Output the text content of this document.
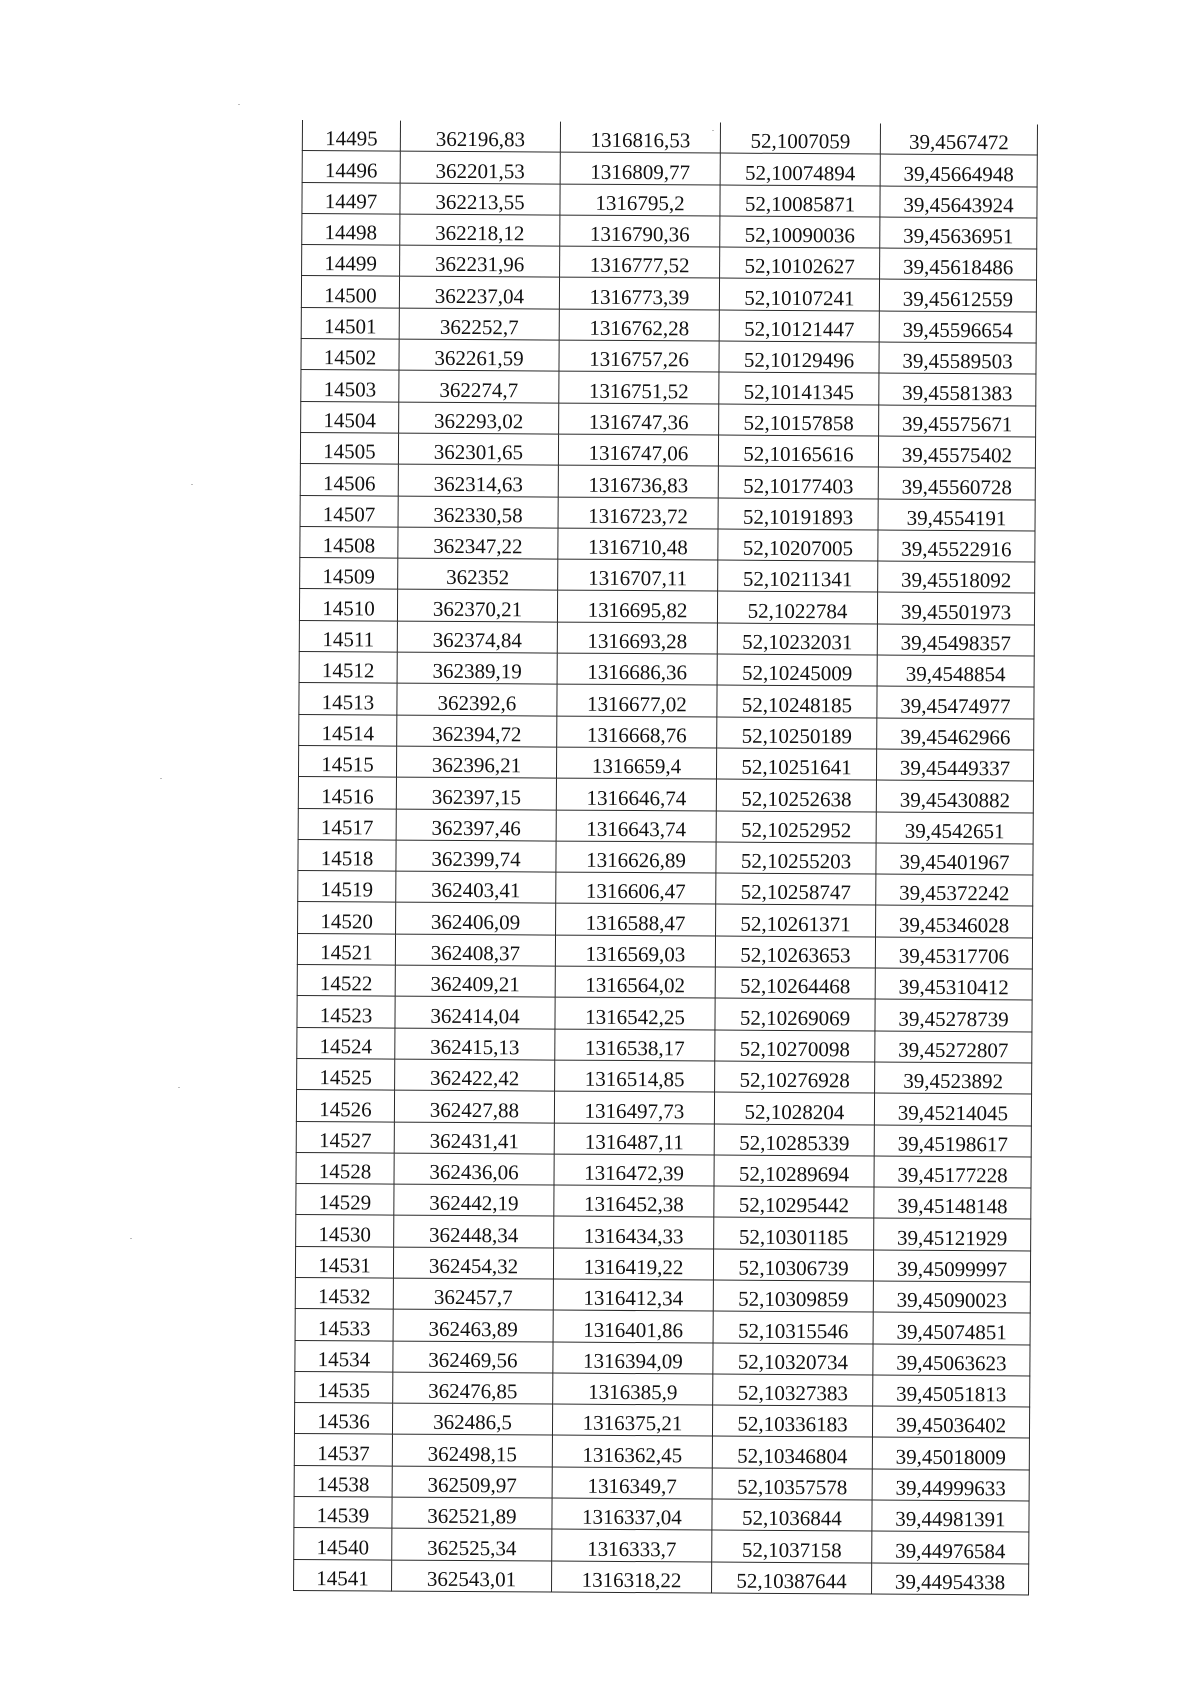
14495	362196,83	1316816,53	52,1007059	39,4567472
14496	362201,53	1316809,77	52,10074894	39,45664948
14497	362213,55	1316795,2	52,10085871	39,45643924
14498	362218,12	1316790,36	52,10090036	39,45636951
14499	362231,96	1316777,52	52,10102627	39,45618486
14500	362237,04	1316773,39	52,10107241	39,45612559
14501	362252,7	1316762,28	52,10121447	39,45596654
14502	362261,59	1316757,26	52,10129496	39,45589503
14503	362274,7	1316751,52	52,10141345	39,45581383
14504	362293,02	1316747,36	52,10157858	39,45575671
14505	362301,65	1316747,06	52,10165616	39,45575402
14506	362314,63	1316736,83	52,10177403	39,45560728
14507	362330,58	1316723,72	52,10191893	39,4554191
14508	362347,22	1316710,48	52,10207005	39,45522916
14509	362352	1316707,11	52,10211341	39,45518092
14510	362370,21	1316695,82	52,1022784	39,45501973
14511	362374,84	1316693,28	52,10232031	39,45498357
14512	362389,19	1316686,36	52,10245009	39,4548854
14513	362392,6	1316677,02	52,10248185	39,45474977
14514	362394,72	1316668,76	52,10250189	39,45462966
14515	362396,21	1316659,4	52,10251641	39,45449337
14516	362397,15	1316646,74	52,10252638	39,45430882
14517	362397,46	1316643,74	52,10252952	39,4542651
14518	362399,74	1316626,89	52,10255203	39,45401967
14519	362403,41	1316606,47	52,10258747	39,45372242
14520	362406,09	1316588,47	52,10261371	39,45346028
14521	362408,37	1316569,03	52,10263653	39,45317706
14522	362409,21	1316564,02	52,10264468	39,45310412
14523	362414,04	1316542,25	52,10269069	39,45278739
14524	362415,13	1316538,17	52,10270098	39,45272807
14525	362422,42	1316514,85	52,10276928	39,4523892
14526	362427,88	1316497,73	52,1028204	39,45214045
14527	362431,41	1316487,11	52,10285339	39,45198617
14528	362436,06	1316472,39	52,10289694	39,45177228
14529	362442,19	1316452,38	52,10295442	39,45148148
14530	362448,34	1316434,33	52,10301185	39,45121929
14531	362454,32	1316419,22	52,10306739	39,45099997
14532	362457,7	1316412,34	52,10309859	39,45090023
14533	362463,89	1316401,86	52,10315546	39,45074851
14534	362469,56	1316394,09	52,10320734	39,45063623
14535	362476,85	1316385,9	52,10327383	39,45051813
14536	362486,5	1316375,21	52,10336183	39,45036402
14537	362498,15	1316362,45	52,10346804	39,45018009
14538	362509,97	1316349,7	52,10357578	39,44999633
14539	362521,89	1316337,04	52,1036844	39,44981391
14540	362525,34	1316333,7	52,1037158	39,44976584
14541	362543,01	1316318,22	52,10387644	39,44954338
